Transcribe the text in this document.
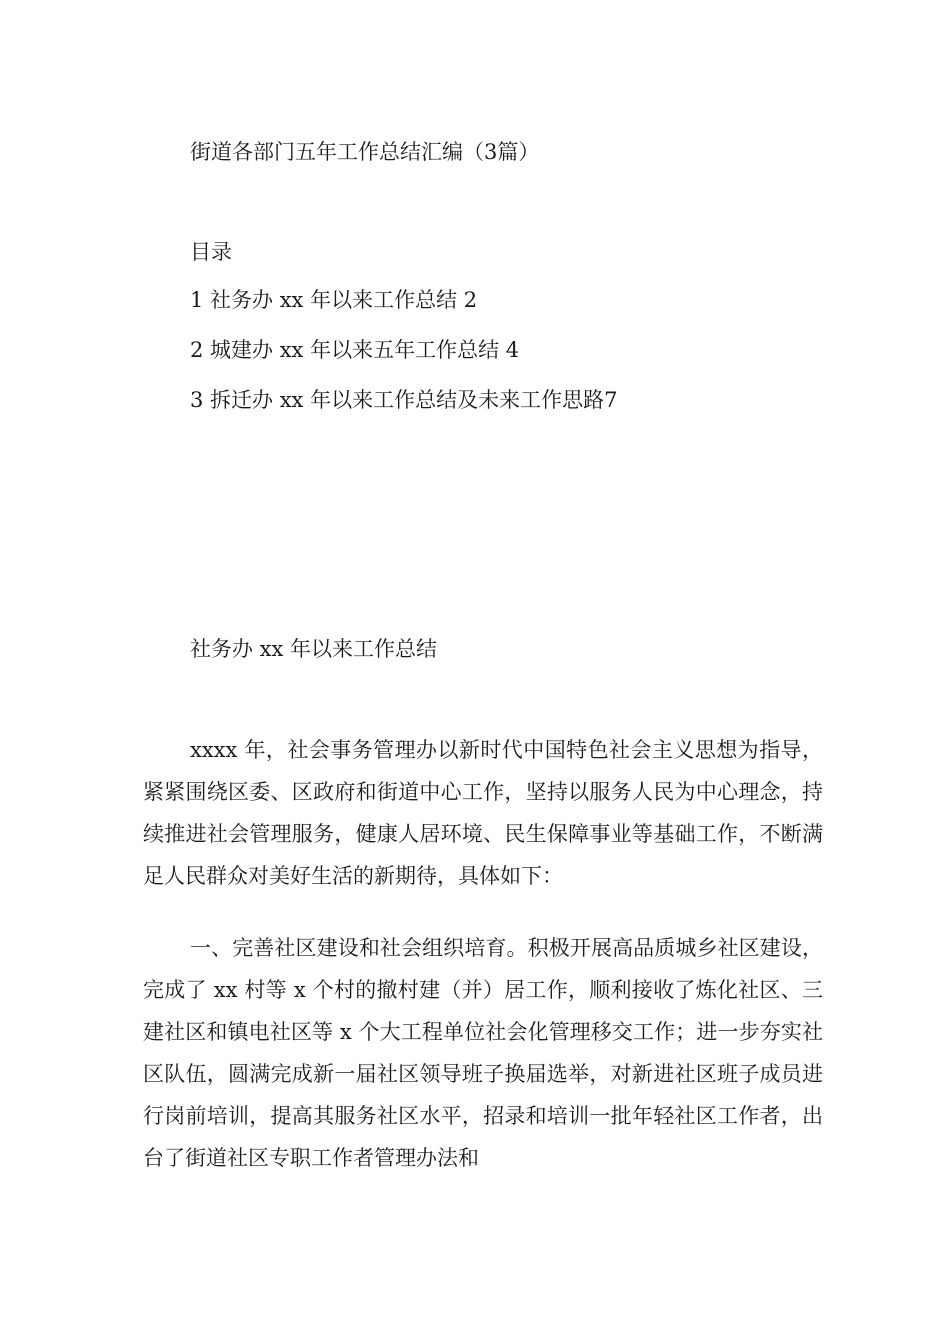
街道各部门五年工作总结汇编（3篇）
目录
1 社务办 xx 年以来工作总结 2
2 城建办 xx 年以来五年工作总结 4
3 拆迁办 xx 年以来工作总结及未来工作思路7
社务办 xx 年以来工作总结

xxxx 年，社会事务管理办以新时代中国特色社会主义思想为指导，紧紧围绕区委、区政府和街道中心工作，坚持以服务人民为中心理念，持续推进社会管理服务，健康人居环境、民生保障事业等基础工作，不断满足人民群众对美好生活的新期待，具体如下：

一、完善社区建设和社会组织培育。积极开展高品质城乡社区建设，完成了 xx 村等 x 个村的撤村建（并）居工作，顺利接收了炼化社区、三建社区和镇电社区等 x 个大工程单位社会化管理移交工作；进一步夯实社区队伍，圆满完成新一届社区领导班子换届选举，对新进社区班子成员进行岗前培训，提高其服务社区水平，招录和培训一批年轻社区工作者，出台了街道社区专职工作者管理办法和
